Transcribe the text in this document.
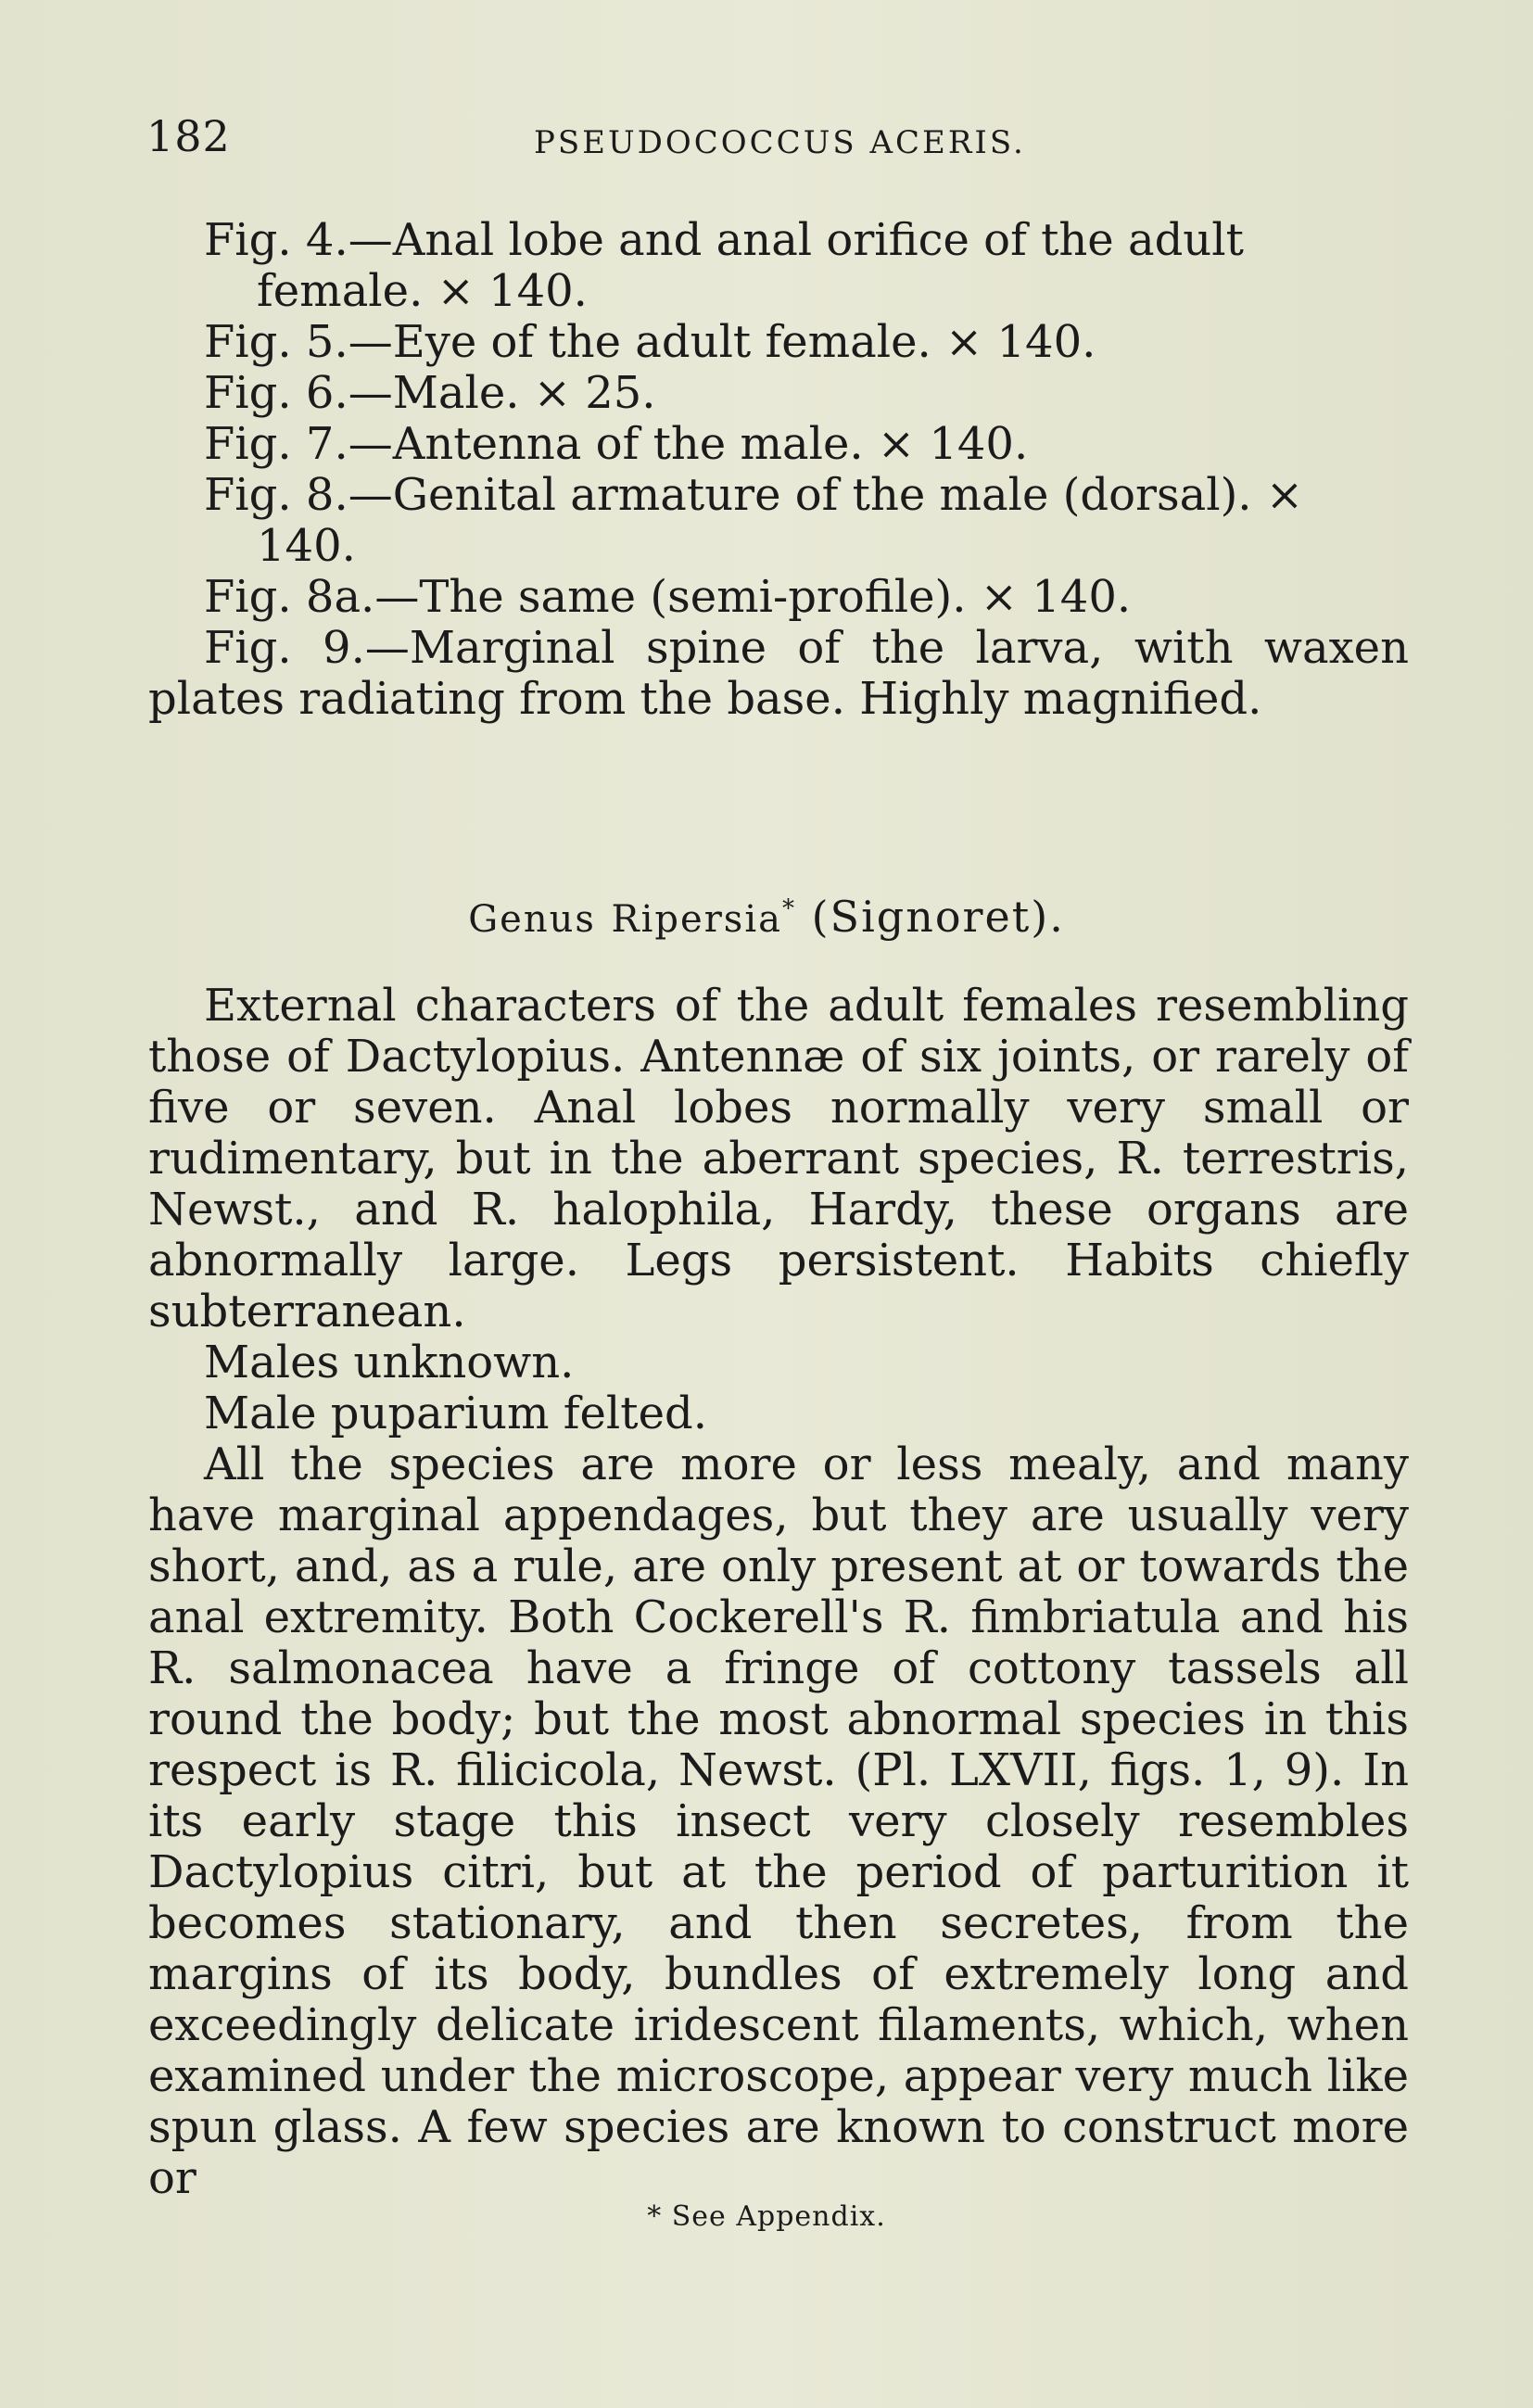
182	PSEUDOCOCCUS ACERIS.

Fig. 4.—Anal lobe and anal orifice of the adult female. × 140.

Fig. 5.—Eye of the adult female. × 140.

Fig. 6.—Male. × 25.

Fig. 7.—Antenna of the male. × 140.

Fig. 8.—Genital armature of the male (dorsal). × 140.

Fig. 8a.—The same (semi-profile). × 140.

Fig. 9.—Marginal spine of the larva, with waxen plates radiating from the base. Highly magnified.

Genus Ripersia* (Signoret).

External characters of the adult females resembling those of Dactylopius. Antennæ of six joints, or rarely of five or seven. Anal lobes normally very small or rudimentary, but in the aberrant species, R. terrestris, Newst., and R. halophila, Hardy, these organs are abnormally large. Legs persistent. Habits chiefly subterranean.

Males unknown.

Male puparium felted.

All the species are more or less mealy, and many have marginal appendages, but they are usually very short, and, as a rule, are only present at or towards the anal extremity. Both Cockerell's R. fimbriatula and his R. salmonacea have a fringe of cottony tassels all round the body; but the most abnormal species in this respect is R. filicicola, Newst. (Pl. LXVII, figs. 1, 9). In its early stage this insect very closely resembles Dactylopius citri, but at the period of parturition it becomes stationary, and then secretes, from the margins of its body, bundles of extremely long and exceedingly delicate iridescent filaments, which, when examined under the microscope, appear very much like spun glass. A few species are known to construct more or

* See Appendix.
